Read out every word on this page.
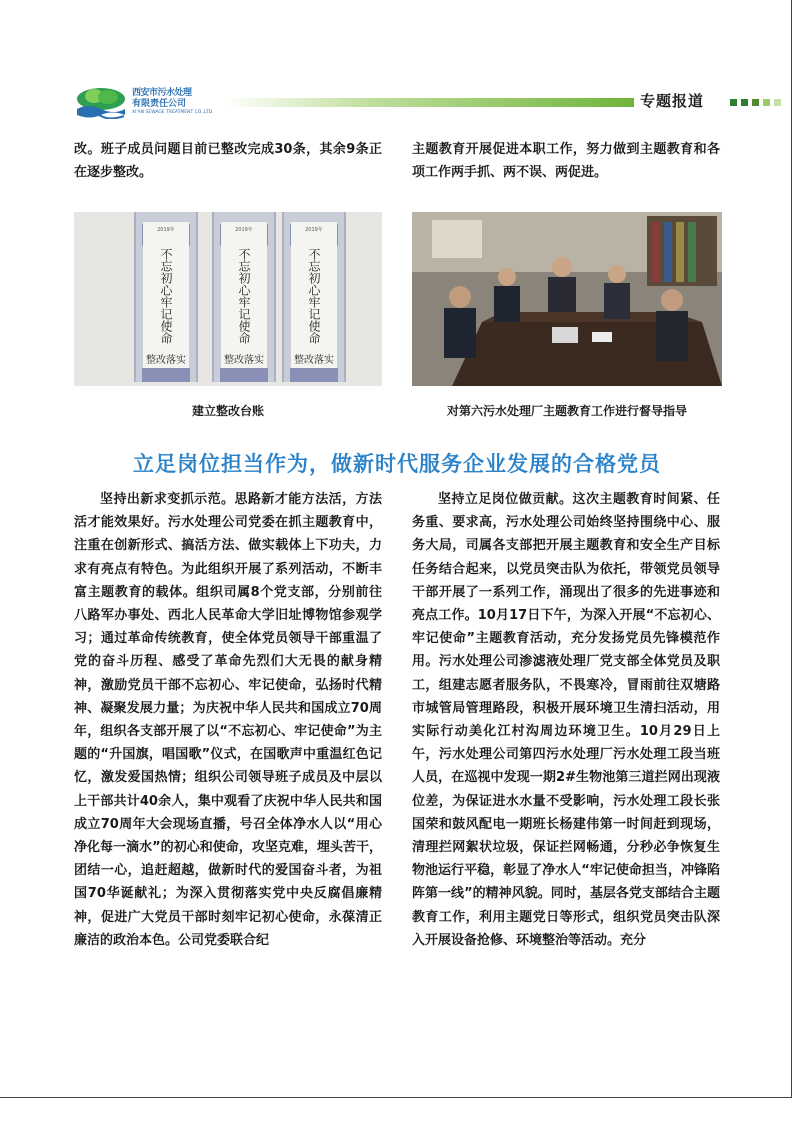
西安市污水处理
有限责任公司
XI'AN SEWAGE TREATMENT CO.,LTD.
专题报道

改。班子成员问题目前已整改完成30条，其余9条正在逐步整改。

主题教育开展促进本职工作，努力做到主题教育和各项工作两手抓、两不误、两促进。

不忘初心牢记使命
整改落实
2019年
不忘初心牢记使命
整改落实
2019年
不忘初心牢记使命
整改落实
2019年
建立整改台账	对第六污水处理厂主题教育工作进行督导指导
立足岗位担当作为，做新时代服务企业发展的合格党员

坚持出新求变抓示范。思路新才能方法活，方法活才能效果好。污水处理公司党委在抓主题教育中，注重在创新形式、搞活方法、做实载体上下功夫，力求有亮点有特色。为此组织开展了系列活动，不断丰富主题教育的载体。组织司属8个党支部，分别前往八路军办事处、西北人民革命大学旧址博物馆参观学习；通过革命传统教育，使全体党员领导干部重温了党的奋斗历程、感受了革命先烈们大无畏的献身精神，激励党员干部不忘初心、牢记使命，弘扬时代精神、凝聚发展力量；为庆祝中华人民共和国成立70周年，组织各支部开展了以“不忘初心、牢记使命”为主题的“升国旗，唱国歌”仪式，在国歌声中重温红色记忆，激发爱国热情；组织公司领导班子成员及中层以上干部共计40余人，集中观看了庆祝中华人民共和国成立70周年大会现场直播，号召全体净水人以“用心净化每一滴水”的初心和使命，攻坚克难，埋头苦干，团结一心，追赶超越，做新时代的爱国奋斗者，为祖国70华诞献礼；为深入贯彻落实党中央反腐倡廉精神，促进广大党员干部时刻牢记初心使命，永葆清正廉洁的政治本色。公司党委联合纪

坚持立足岗位做贡献。这次主题教育时间紧、任务重、要求高，污水处理公司始终坚持围绕中心、服务大局，司属各支部把开展主题教育和安全生产目标任务结合起来，以党员突击队为依托，带领党员领导干部开展了一系列工作，涌现出了很多的先进事迹和亮点工作。10月17日下午，为深入开展“不忘初心、牢记使命”主题教育活动，充分发扬党员先锋模范作用。污水处理公司渗滤液处理厂党支部全体党员及职工，组建志愿者服务队，不畏寒冷，冒雨前往双塘路市城管局管理路段，积极开展环境卫生清扫活动，用实际行动美化江村沟周边环境卫生。10月29日上午，污水处理公司第四污水处理厂污水处理工段当班人员，在巡视中发现一期2#生物池第三道拦网出现液位差，为保证进水水量不受影响，污水处理工段长张国荣和鼓风配电一期班长杨建伟第一时间赶到现场，清理拦网絮状垃圾，保证拦网畅通，分秒必争恢复生物池运行平稳，彰显了净水人“牢记使命担当，冲锋陷阵第一线”的精神风貌。同时，基层各党支部结合主题教育工作，利用主题党日等形式，组织党员突击队深入开展设备抢修、环境整治等活动。充分
